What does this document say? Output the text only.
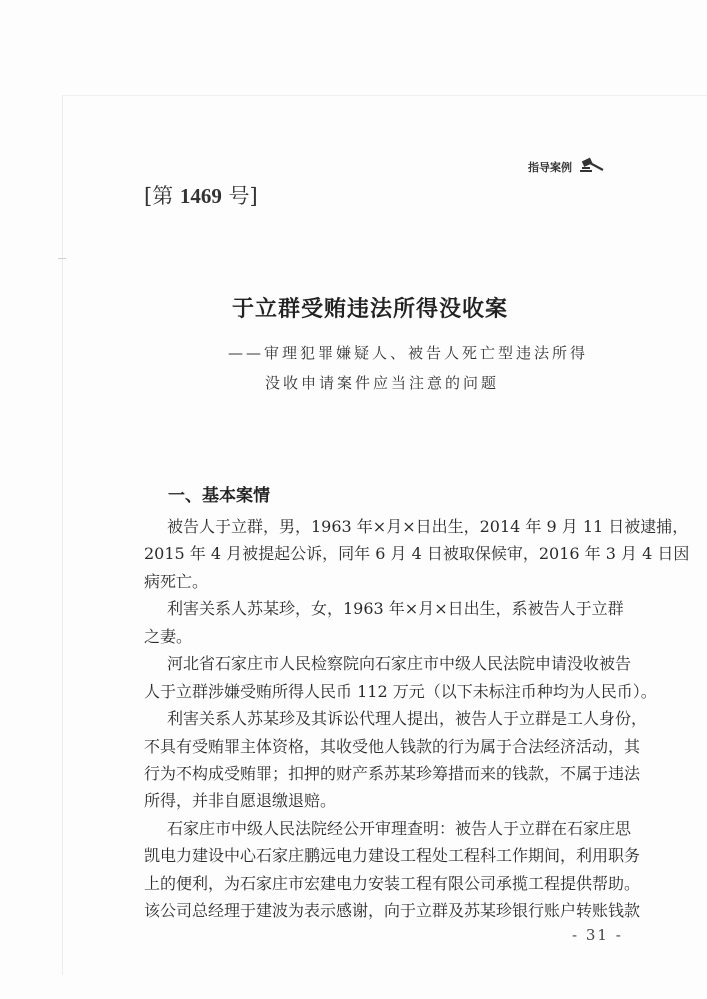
指导案例
[第 1469 号]
于立群受贿违法所得没收案
——审理犯罪嫌疑人、被告人死亡型违法所得
没收申请案件应当注意的问题
一、基本案情
被告人于立群，男，1963 年×月×日出生，2014 年 9 月 11 日被逮捕，
2015 年 4 月被提起公诉，同年 6 月 4 日被取保候审，2016 年 3 月 4 日因
病死亡。
利害关系人苏某珍，女，1963 年×月×日出生，系被告人于立群
之妻。
河北省石家庄市人民检察院向石家庄市中级人民法院申请没收被告
人于立群涉嫌受贿所得人民币 112 万元（以下未标注币种均为人民币）。
利害关系人苏某珍及其诉讼代理人提出，被告人于立群是工人身份，
不具有受贿罪主体资格，其收受他人钱款的行为属于合法经济活动，其
行为不构成受贿罪；扣押的财产系苏某珍筹措而来的钱款，不属于违法
所得，并非自愿退缴退赔。
石家庄市中级人民法院经公开审理查明：被告人于立群在石家庄思
凯电力建设中心石家庄鹏远电力建设工程处工程科工作期间，利用职务
上的便利，为石家庄市宏建电力安装工程有限公司承揽工程提供帮助。
该公司总经理于建波为表示感谢，向于立群及苏某珍银行账户转账钱款
- 31 -
